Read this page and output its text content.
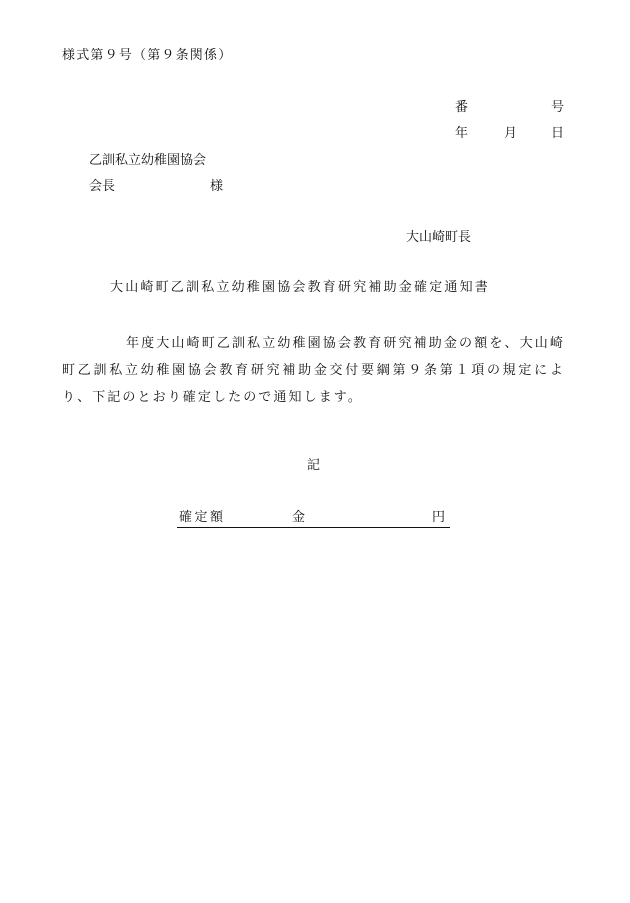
様式第９号（第９条関係）
番	号
年	月	日
乙訓私立幼稚園協会
会長	様
大山崎町長
大山崎町乙訓私立幼稚園協会教育研究補助金確定通知書

年度大山崎町乙訓私立幼稚園協会教育研究補助金の額を、大山崎町乙訓私立幼稚園協会教育研究補助金交付要綱第９条第１項の規定により、下記のとおり確定したので通知します。

記
確定額	金	円
